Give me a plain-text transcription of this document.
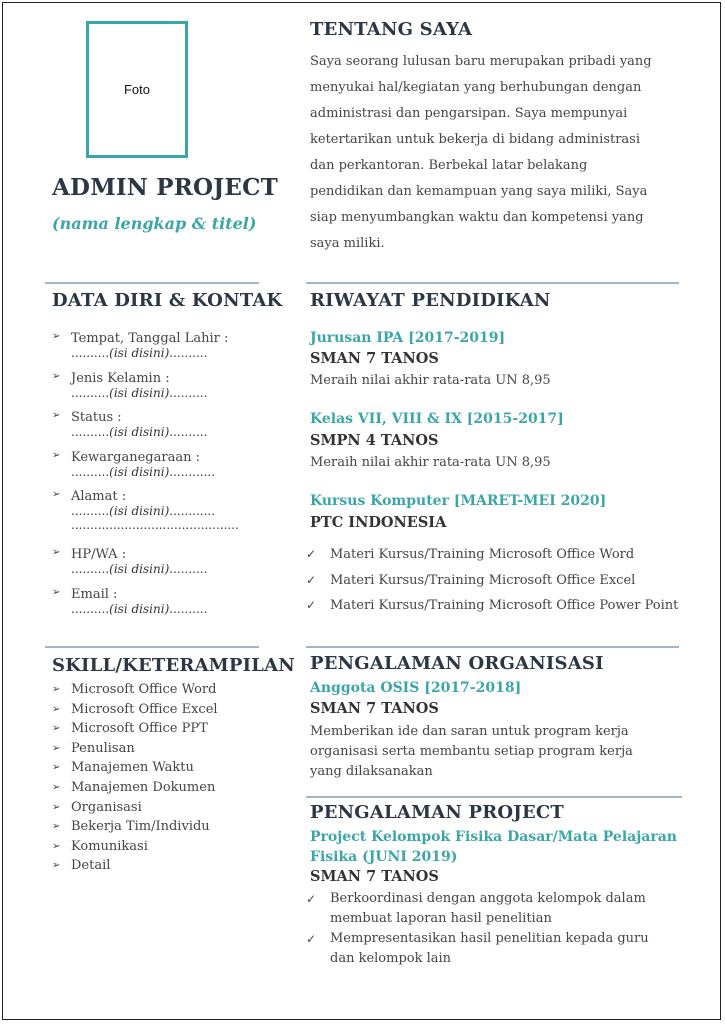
Foto
ADMIN PROJECT
(nama lengkap & titel)
TENTANG SAYA
Saya seorang lulusan baru merupakan pribadi yang
menyukai hal/kegiatan yang berhubungan dengan
administrasi dan pengarsipan. Saya mempunyai
ketertarikan untuk bekerja di bidang administrasi
dan perkantoran. Berbekal latar belakang
pendidikan dan kemampuan yang saya miliki, Saya
siap menyumbangkan waktu dan kompetensi yang
saya miliki.
DATA DIRI & KONTAK
➢ Tempat, Tanggal Lahir :
..........(isi disini)..........
➢ Jenis Kelamin :
..........(isi disini)..........
➢ Status :
..........(isi disini)..........
➢ Kewarganegaraan :
..........(isi disini)............
➢ Alamat :
..........(isi disini)............
............................................
➢ HP/WA :
..........(isi disini)..........
➢ Email :
..........(isi disini)..........
SKILL/KETERAMPILAN
➢ Microsoft Office Word
➢ Microsoft Office Excel
➢ Microsoft Office PPT
➢ Penulisan
➢ Manajemen Waktu
➢ Manajemen Dokumen
➢ Organisasi
➢ Bekerja Tim/Individu
➢ Komunikasi
➢ Detail
RIWAYAT PENDIDIKAN
Jurusan IPA [2017-2019]
SMAN 7 TANOS
Meraih nilai akhir rata-rata UN 8,95
Kelas VII, VIII & IX [2015-2017]
SMPN 4 TANOS
Meraih nilai akhir rata-rata UN 8,95
Kursus Komputer [MARET-MEI 2020]
PTC INDONESIA
✓ Materi Kursus/Training Microsoft Office Word
✓ Materi Kursus/Training Microsoft Office Excel
✓ Materi Kursus/Training Microsoft Office Power Point
PENGALAMAN ORGANISASI
Anggota OSIS [2017-2018]
SMAN 7 TANOS
Memberikan ide dan saran untuk program kerja
organisasi serta membantu setiap program kerja
yang dilaksanakan
PENGALAMAN PROJECT
Project Kelompok Fisika Dasar/Mata Pelajaran
Fisika (JUNI 2019)
SMAN 7 TANOS
✓ Berkoordinasi dengan anggota kelompok dalam
membuat laporan hasil penelitian
✓ Mempresentasikan hasil penelitian kepada guru
dan kelompok lain
